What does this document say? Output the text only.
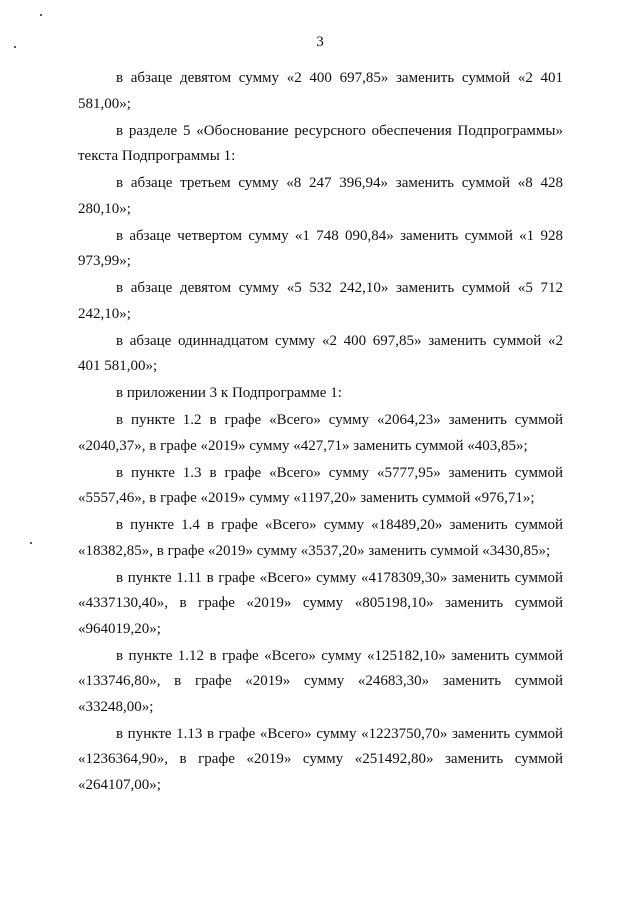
3

в абзаце девятом сумму «2 400 697,85» заменить суммой «2 401 581,00»;

в разделе 5 «Обоснование ресурсного обеспечения Подпрограммы» текста Подпрограммы 1:

в абзаце третьем сумму «8 247 396,94» заменить суммой «8 428 280,10»;

в абзаце четвертом сумму «1 748 090,84» заменить суммой «1 928 973,99»;

в абзаце девятом сумму «5 532 242,10» заменить суммой «5 712 242,10»;

в абзаце одиннадцатом сумму «2 400 697,85» заменить суммой «2 401 581,00»;

в приложении 3 к Подпрограмме 1:

в пункте 1.2 в графе «Всего» сумму «2064,23» заменить суммой «2040,37», в графе «2019» сумму «427,71» заменить суммой «403,85»;

в пункте 1.3 в графе «Всего» сумму «5777,95» заменить суммой «5557,46», в графе «2019» сумму «1197,20» заменить суммой «976,71»;

в пункте 1.4 в графе «Всего» сумму «18489,20» заменить суммой «18382,85», в графе «2019» сумму «3537,20» заменить суммой «3430,85»;

в пункте 1.11 в графе «Всего» сумму «4178309,30» заменить суммой «4337130,40», в графе «2019» сумму «805198,10» заменить суммой «964019,20»;

в пункте 1.12 в графе «Всего» сумму «125182,10» заменить суммой «133746,80», в графе «2019» сумму «24683,30» заменить суммой «33248,00»;

в пункте 1.13 в графе «Всего» сумму «1223750,70» заменить суммой «1236364,90», в графе «2019» сумму «251492,80» заменить суммой «264107,00»;
